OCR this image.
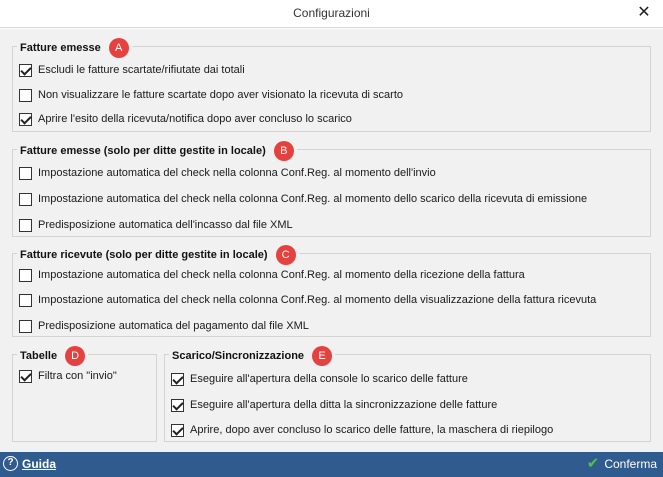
Configurazioni	✕
Fatture emesse	A
Escludi le fatture scartate/rifiutate dai totali
Non visualizzare le fatture scartate dopo aver visionato la ricevuta di scarto
Aprire l'esito della ricevuta/notifica dopo aver concluso lo scarico
Fatture emesse (solo per ditte gestite in locale)	B
Impostazione automatica del check nella colonna Conf.Reg. al momento dell'invio
Impostazione automatica del check nella colonna Conf.Reg. al momento dello scarico della ricevuta di emissione
Predisposizione automatica dell'incasso dal file XML
Fatture ricevute (solo per ditte gestite in locale)	C
Impostazione automatica del check nella colonna Conf.Reg. al momento della ricezione della fattura
Impostazione automatica del check nella colonna Conf.Reg. al momento della visualizzazione della fattura ricevuta
Predisposizione automatica del pagamento dal file XML
Tabelle	D
Filtra con "invio"
Scarico/Sincronizzazione	E
Eseguire all'apertura della console lo scarico delle fatture
Eseguire all'apertura della ditta la sincronizzazione delle fatture
Aprire, dopo aver concluso lo scarico delle fatture, la maschera di riepilogo
? Guida	✔ Conferma
